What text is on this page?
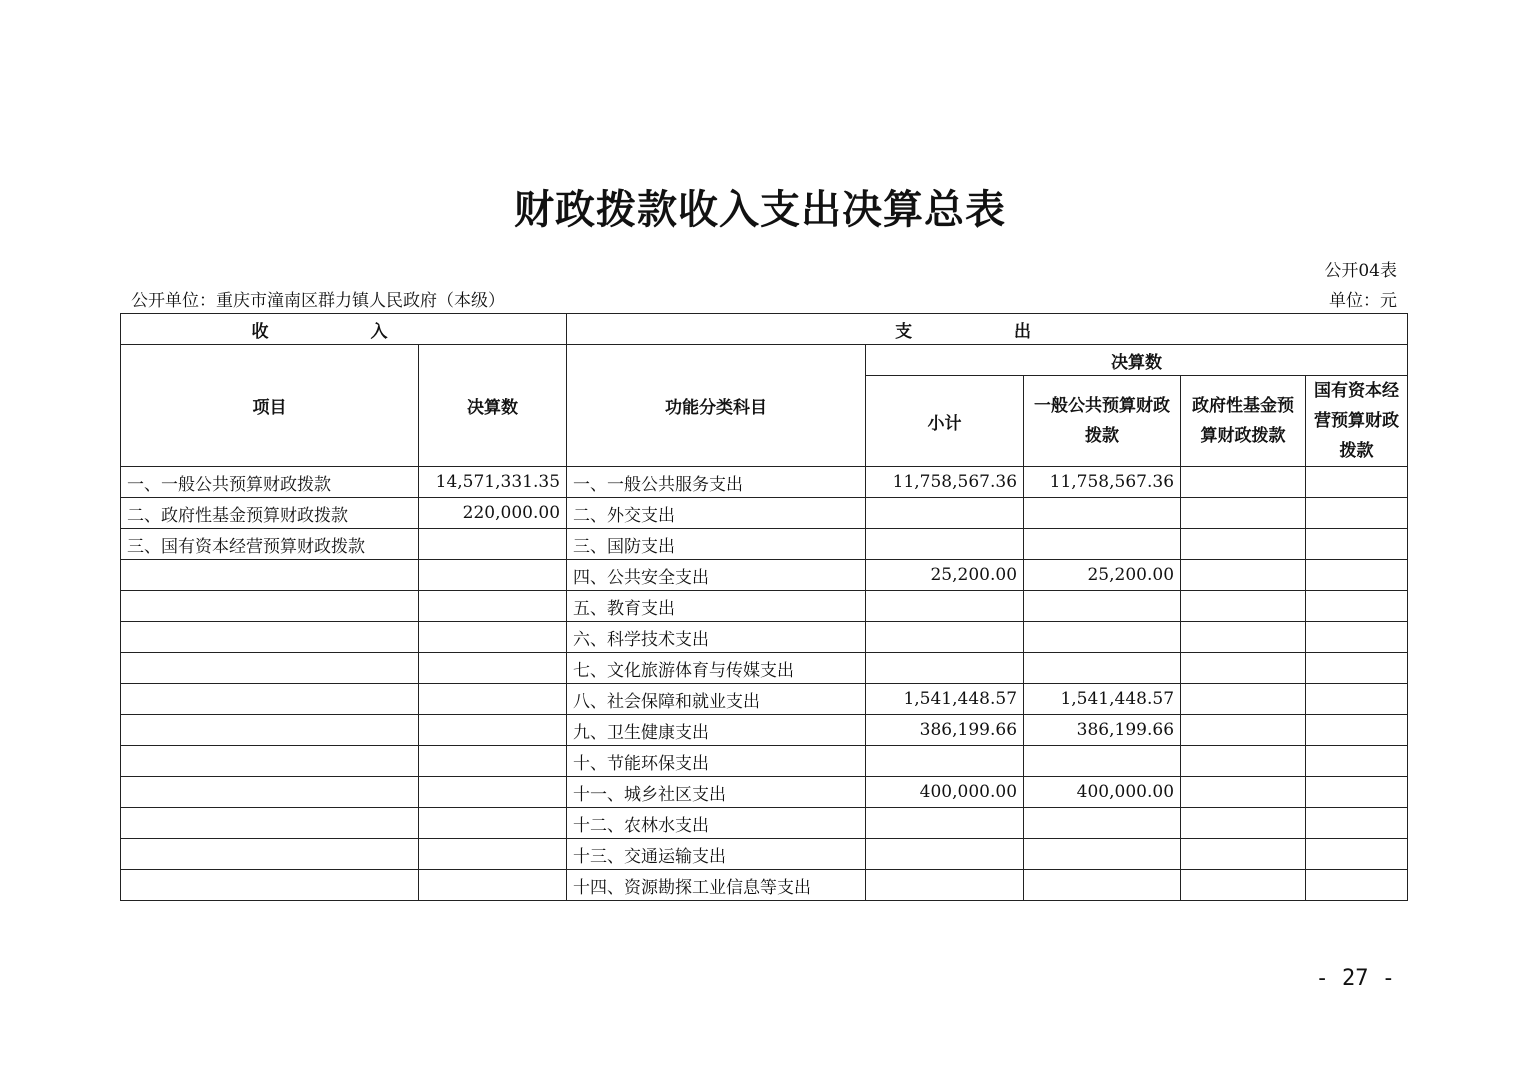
财政拨款收入支出决算总表
公开04表
公开单位：重庆市潼南区群力镇人民政府（本级）	单位：元
收 入		支 出				
项目	决算数	功能分类科目	决算数			
			小计	一般公共预算财政拨款	政府性基金预算财政拨款	国有资本经营预算财政拨款
一、一般公共预算财政拨款	14,571,331.35	一、一般公共服务支出	11,758,567.36	11,758,567.36		
二、政府性基金预算财政拨款	220,000.00	二、外交支出				
三、国有资本经营预算财政拨款		三、国防支出				
		四、公共安全支出	25,200.00	25,200.00		
		五、教育支出				
		六、科学技术支出				
		七、文化旅游体育与传媒支出				
		八、社会保障和就业支出	1,541,448.57	1,541,448.57		
		九、卫生健康支出	386,199.66	386,199.66		
		十、节能环保支出				
		十一、城乡社区支出	400,000.00	400,000.00		
		十二、农林水支出				
		十三、交通运输支出				
		十四、资源勘探工业信息等支出				
- 27 -
